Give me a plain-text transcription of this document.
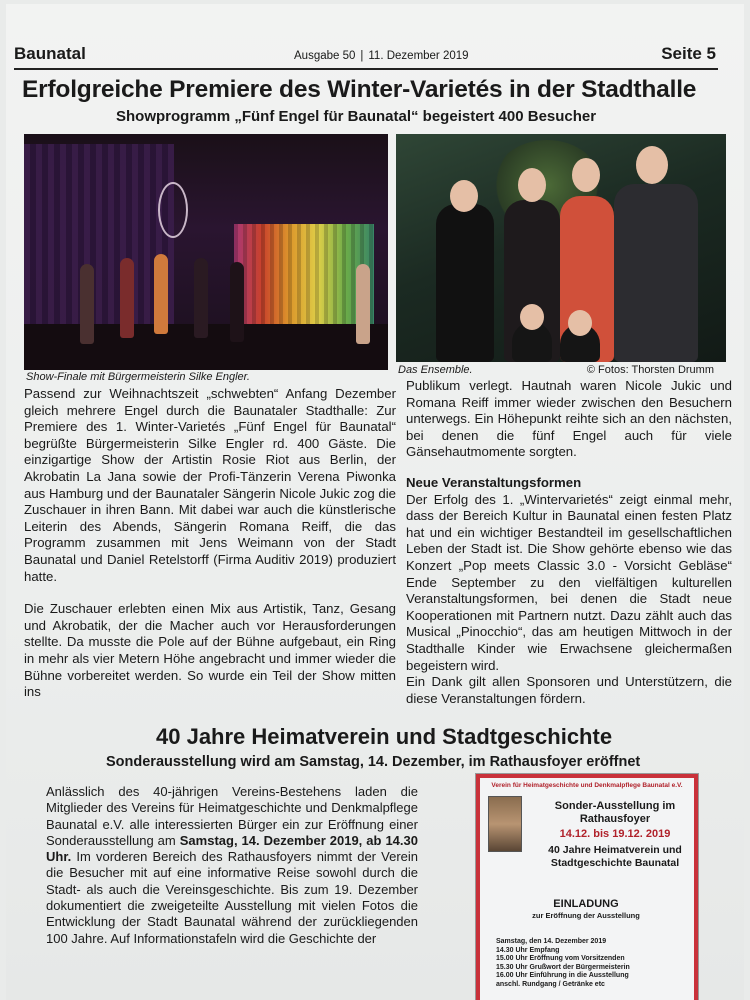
Baunatal	Ausgabe 50 | 11. Dezember 2019	Seite 5
Erfolgreiche Premiere des Winter-Varietés in der Stadthalle
Showprogramm „Fünf Engel für Baunatal“ begeistert 400 Besucher
Show-Finale mit Bürgermeisterin Silke Engler.
Das Ensemble.	© Fotos: Thorsten Drumm

Passend zur Weihnachtszeit „schwebten“ Anfang Dezember gleich mehrere Engel durch die Baunataler Stadthalle: Zur Premiere des 1. Winter-Varietés „Fünf Engel für Baunatal“ begrüßte Bürgermeisterin Silke Engler rd. 400 Gäste. Die einzigartige Show der Artistin Rosie Riot aus Berlin, der Akrobatin La Jana sowie der Profi-Tänzerin Verena Piwonka aus Hamburg und der Baunataler Sängerin Nicole Jukic zog die Zuschauer in ihren Bann. Mit dabei war auch die künstlerische Leiterin des Abends, Sängerin Romana Reiff, die das Programm zusammen mit Jens Weimann von der Stadt Baunatal und Daniel Retelstorff (Firma Auditiv 2019) produziert hatte.

Die Zuschauer erlebten einen Mix aus Artistik, Tanz, Gesang und Akrobatik, der die Macher auch vor Herausforderungen stellte. Da musste die Pole auf der Bühne aufgebaut, ein Ring in mehr als vier Metern Höhe angebracht und immer wieder die Bühne vorbereitet werden. So wurde ein Teil der Show mitten ins

Publikum verlegt. Hautnah waren Nicole Jukic und Romana Reiff immer wieder zwischen den Besuchern unterwegs. Ein Höhepunkt reihte sich an den nächsten, bei denen die fünf Engel auch für viele Gänsehautmomente sorgten.

Neue Veranstaltungsformen

Der Erfolg des 1. „Wintervarietés“ zeigt einmal mehr, dass der Bereich Kultur in Baunatal einen festen Platz hat und ein wichtiger Bestandteil im gesellschaftlichen Leben der Stadt ist. Die Show gehörte ebenso wie das Konzert „Pop meets Classic 3.0 - Vorsicht Gebläse“ Ende September zu den vielfältigen kulturellen Veranstaltungsformen, bei denen die Stadt neue Kooperationen mit Partnern nutzt. Dazu zählt auch das Musical „Pinocchio“, das am heutigen Mittwoch in der Stadthalle Kinder wie Erwachsene gleichermaßen begeistern wird.

Ein Dank gilt allen Sponsoren und Unterstützern, die diese Veranstaltungen fördern.

40 Jahre Heimatverein und Stadtgeschichte
Sonderausstellung wird am Samstag, 14. Dezember, im Rathausfoyer eröffnet

Anlässlich des 40-jährigen Vereins-Bestehens laden die Mitglieder des Vereins für Heimatgeschichte und Denkmalpflege Baunatal e.V. alle interessierten Bürger ein zur Eröffnung einer Sonderausstellung am Samstag, 14. Dezember 2019, ab 14.30 Uhr. Im vorderen Bereich des Rathausfoyers nimmt der Verein die Besucher mit auf eine informative Reise sowohl durch die Stadt- als auch die Vereinsgeschichte. Bis zum 19. Dezember dokumentiert die zweigeteilte Ausstellung mit vielen Fotos die Entwicklung der Stadt Baunatal während der zurückliegenden 100 Jahre. Auf Informationstafeln wird die Geschichte der

Verein für Heimatgeschichte und Denkmalpflege Baunatal e.V.
Sonder-Ausstellung im Rathausfoyer
14.12. bis 19.12. 2019
40 Jahre Heimatverein und Stadtgeschichte Baunatal
EINLADUNG
zur Eröffnung der Ausstellung
Samstag, den 14. Dezember 2019
14.30 Uhr Empfang
15.00 Uhr Eröffnung vom Vorsitzenden
15.30 Uhr Grußwort der Bürgermeisterin
16.00 Uhr Einführung in die Ausstellung
anschl. Rundgang / Getränke etc
